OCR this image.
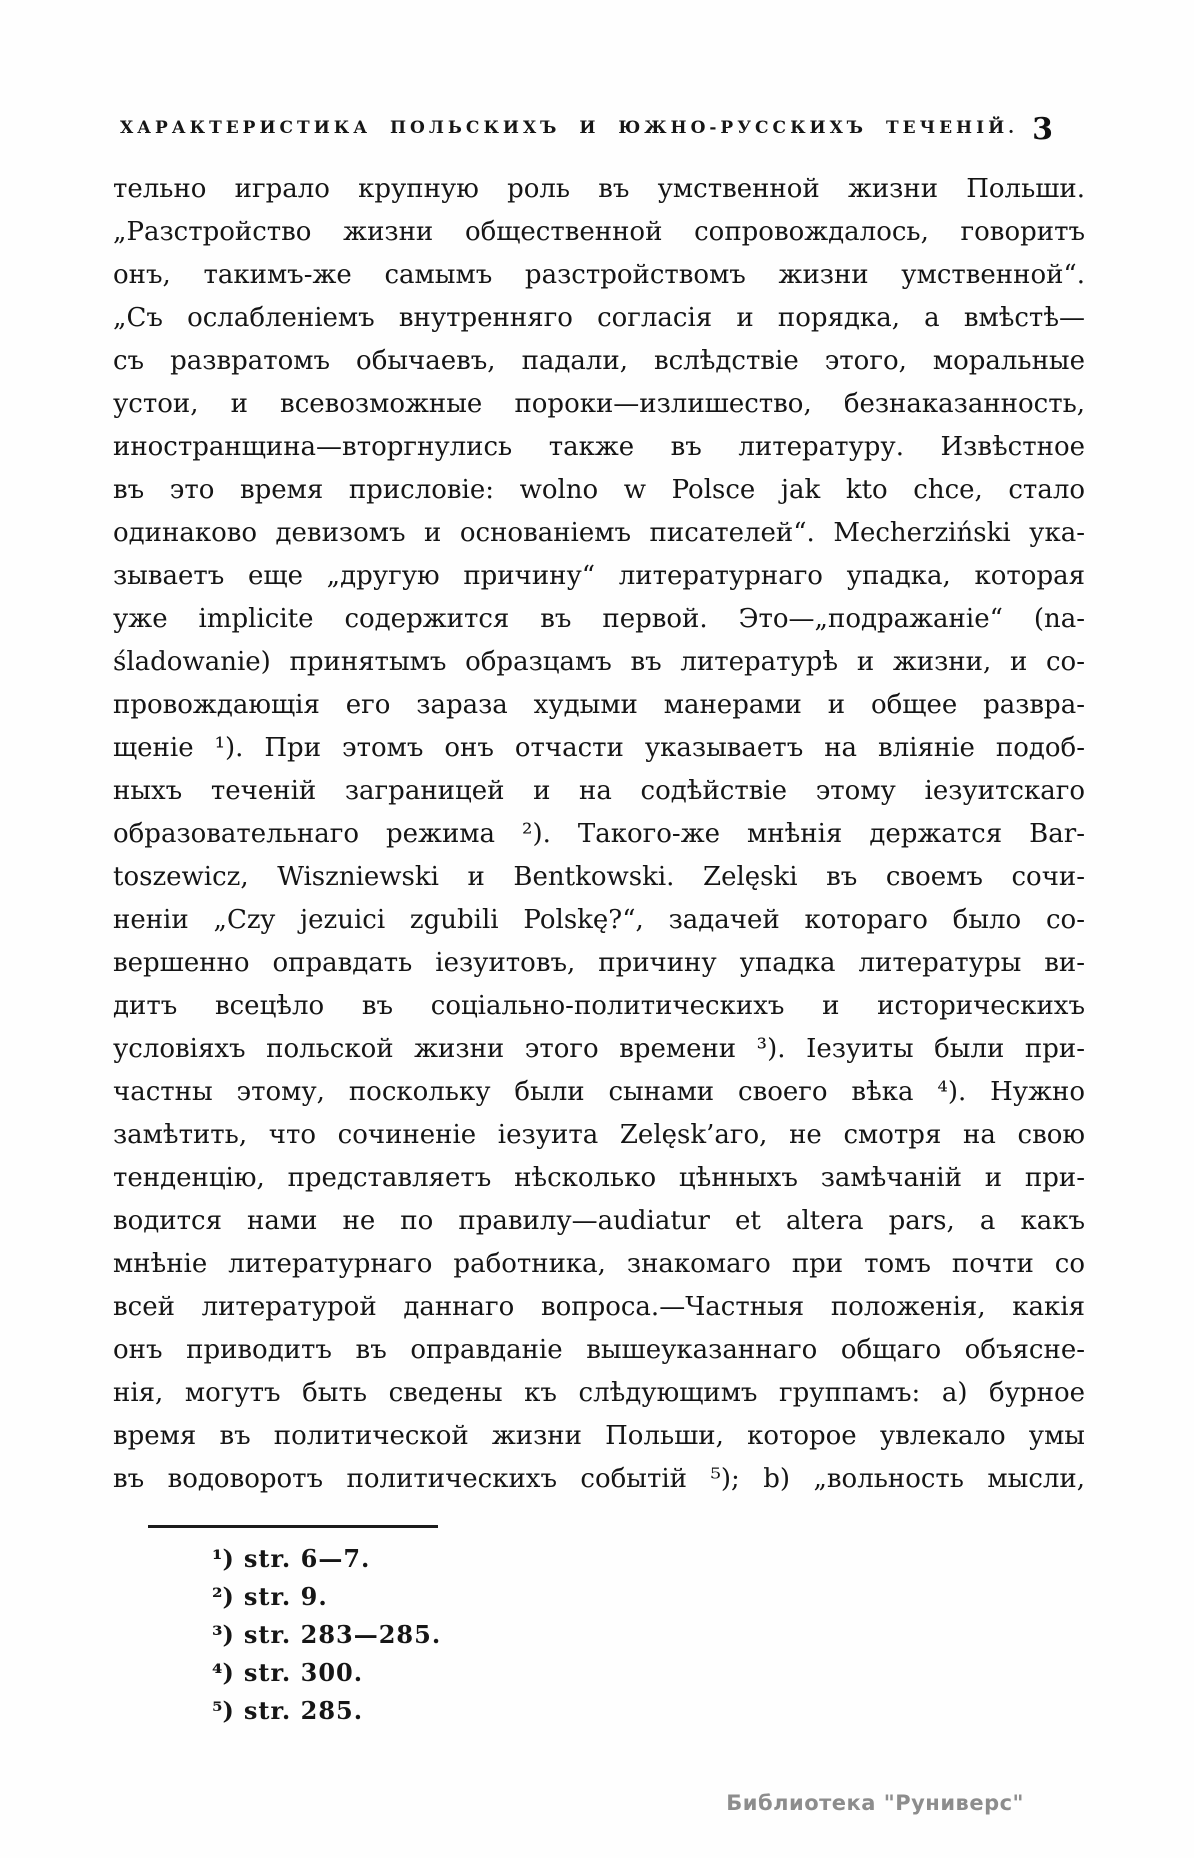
ХАРАКТЕРИСТИКА ПОЛЬСКИХЪ И ЮЖНО-РУССКИХЪ ТЕЧЕНІЙ. 3
тельно играло крупную роль въ умственной жизни Польши.
„Разстройство жизни общественной сопровождалось, говоритъ
онъ, такимъ-же самымъ разстройствомъ жизни умственной“.
„Съ ослабленіемъ внутренняго согласія и порядка, а вмѣстѣ—
съ развратомъ обычаевъ, падали, вслѣдствіе этого, моральные
устои, и всевозможные пороки—излишество, безнаказанность,
иностранщина—вторгнулись также въ литературу. Извѣстное
въ это время присловіе: wolno w Polsce jak kto chce, стало
одинаково девизомъ и основаніемъ писателей“. Mecherziński ука-
зываетъ еще „другую причину“ литературнаго упадка, которая
уже implicite содержится въ первой. Это—„подражаніе“ (na-
śladowanie) принятымъ образцамъ въ литературѣ и жизни, и со-
провождающія его зараза худыми манерами и общее развра-
щеніе ¹). При этомъ онъ отчасти указываетъ на вліяніе подоб-
ныхъ теченій заграницей и на содѣйствіе этому іезуитскаго
образовательнаго режима ²). Такого-же мнѣнія держатся Bar-
toszewicz, Wiszniewski и Bentkowski. Zelęski въ своемъ сочи-
неніи „Czy jezuici zgubili Polskę?“, задачей котораго было со-
вершенно оправдать іезуитовъ, причину упадка литературы ви-
дитъ всецѣло въ соціально-политическихъ и историческихъ
условіяхъ польской жизни этого времени ³). Іезуиты были при-
частны этому, поскольку были сынами своего вѣка ⁴). Нужно
замѣтить, что сочиненіе іезуита Zelęsk’аго, не смотря на свою
тенденцію, представляетъ нѣсколько цѣнныхъ замѣчаній и при-
водится нами не по правилу—audiatur et altera pars, а какъ
мнѣніе литературнаго работника, знакомаго при томъ почти со
всей литературой даннаго вопроса.—Частныя положенія, какія
онъ приводитъ въ оправданіе вышеуказаннаго общаго объясне-
нія, могутъ быть сведены къ слѣдующимъ группамъ: а) бурное
время въ политической жизни Польши, которое увлекало умы
въ водоворотъ политическихъ событій ⁵); b) „вольность мысли,
¹) str. 6—7.
²) str. 9.
³) str. 283—285.
⁴) str. 300.
⁵) str. 285.
Библиотека "Руниверс"
